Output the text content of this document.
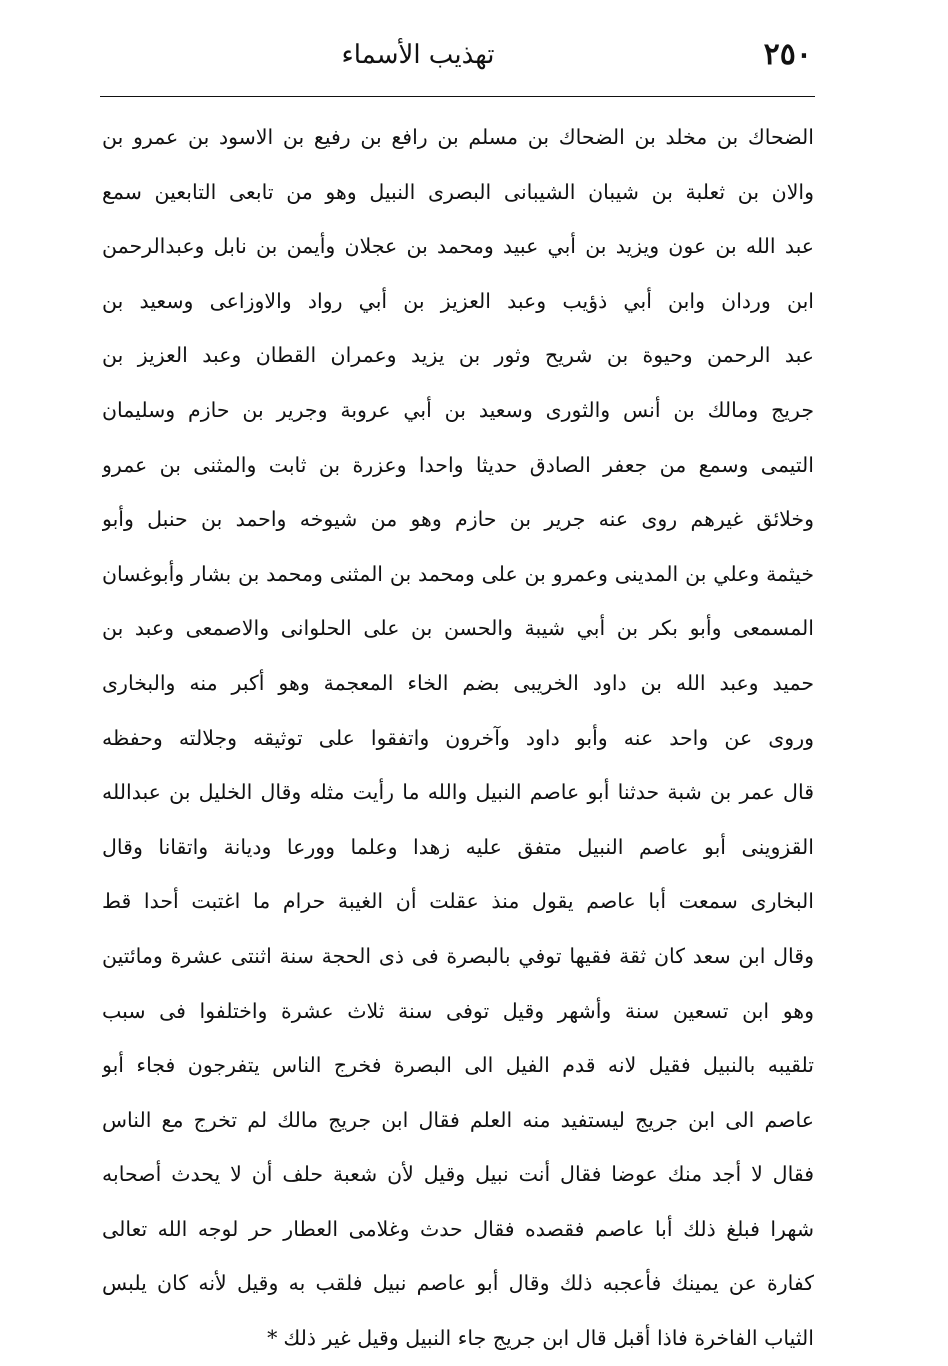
٢٥٠
تهذيب الأسماء
الضحاك بن مخلد بن الضحاك بن مسلم بن رافع بن رفيع بن الاسود بن عمرو بن
والان بن ثعلبة بن شيبان الشيبانى البصرى النبيل وهو من تابعى التابعين سمع
عبد الله بن عون ويزيد بن أبي عبيد ومحمد بن عجلان وأيمن بن نابل وعبدالرحمن
ابن وردان وابن أبي ذؤيب وعبد العزيز بن أبي رواد والاوزاعى وسعيد بن
عبد الرحمن وحيوة بن شريح وثور بن يزيد وعمران القطان وعبد العزيز بن
جريج ومالك بن أنس والثورى وسعيد بن أبي عروبة وجرير بن حازم وسليمان
التيمى وسمع من جعفر الصادق حديثا واحدا وعزرة بن ثابت والمثنى بن عمرو
وخلائق غيرهم روى عنه جرير بن حازم وهو من شيوخه واحمد بن حنبل وأبو
خيثمة وعلي بن المدينى وعمرو بن على ومحمد بن المثنى ومحمد بن بشار وأبوغسان
المسمعى وأبو بكر بن أبي شيبة والحسن بن على الحلوانى والاصمعى وعبد بن
حميد وعبد الله بن داود الخريبى بضم الخاء المعجمة وهو أكبر منه والبخارى
وروى عن واحد عنه وأبو داود وآخرون واتفقوا على توثيقه وجلالته وحفظه
قال عمر بن شبة حدثنا أبو عاصم النبيل والله ما رأيت مثله وقال الخليل بن عبدالله
القزوينى أبو عاصم النبيل متفق عليه زهدا وعلما وورعا وديانة واتقانا وقال
البخارى سمعت أبا عاصم يقول منذ عقلت أن الغيبة حرام ما اغتبت أحدا قط
وقال ابن سعد كان ثقة فقيها توفي بالبصرة فى ذى الحجة سنة اثنتى عشرة ومائتين
وهو ابن تسعين سنة وأشهر وقيل توفى سنة ثلاث عشرة واختلفوا فى سبب
تلقيبه بالنبيل فقيل لانه قدم الفيل الى البصرة فخرج الناس يتفرجون فجاء أبو
عاصم الى ابن جريج ليستفيد منه العلم فقال ابن جريج مالك لم تخرج مع الناس
فقال لا أجد منك عوضا فقال أنت نبيل وقيل لأن شعبة حلف أن لا يحدث أصحابه
شهرا فبلغ ذلك أبا عاصم فقصده فقال حدث وغلامى العطار حر لوجه الله تعالى
كفارة عن يمينك فأعجبه ذلك وقال أبو عاصم نبيل فلقب به وقيل لأنه كان يلبس
الثياب الفاخرة فاذا أقبل قال ابن جريج جاء النبيل وقيل غير ذلك*
